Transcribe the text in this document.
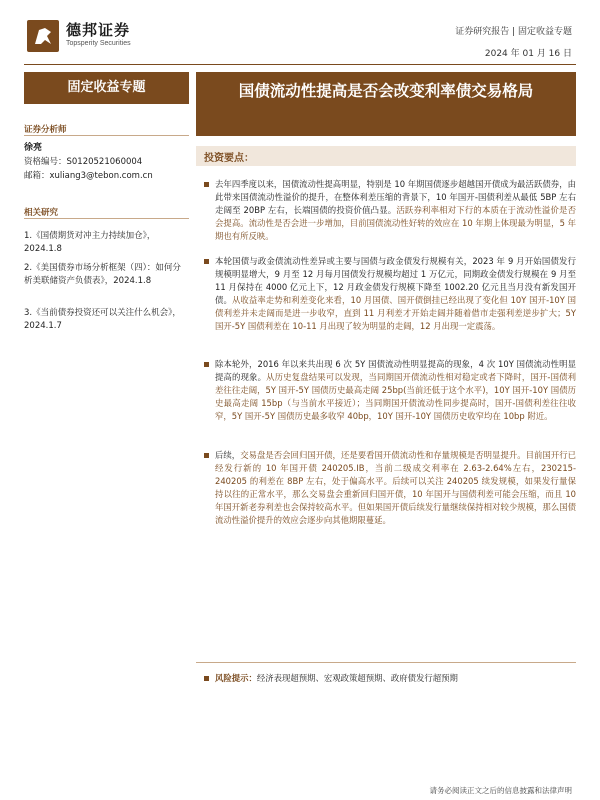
德邦证券
Topsperity Securities
证券研究报告 | 固定收益专题
2024 年 01 月 16 日
固定收益专题	国债流动性提高是否会改变利率债交易格局
证券分析师
徐亮
资格编号：S0120521060004
邮箱：xuliang3@tebon.com.cn
相关研究
1.《国债期货对冲主力持续加仓》，2024.1.8
2.《美国债券市场分析框架（四）：如何分析美联储资产负债表》，2024.1.8
3.《当前债券投资还可以关注什么机会》，2024.1.7
投资要点：
去年四季度以来，国债流动性提高明显，特别是 10 年期国债逐步超越国开债成为最活跃债券，由此带来国债流动性溢价的提升，在整体利差压缩的背景下，10 年国开-国债利差从最低 5BP 左右走阔至 20BP 左右，长端国债的投资价值凸显。活跃券利率相对下行的本质在于流动性溢价是否会提高。流动性是否会进一步增加，目前国债流动性好转的效应在 10 年期上体现最为明显，5 年期也有所反映。
本轮国债与政金债流动性差异或主要与国债与政金债发行规模有关，2023 年 9 月开始国债发行规模明显增大，9 月至 12 月每月国债发行规模均超过 1 万亿元，同期政金债发行规模在 9 月至 11 月保持在 4000 亿元上下，12 月政金债发行规模下降至 1002.20 亿元且当月没有新发国开债。从收益率走势和利差变化来看，10 月国债、国开债倒挂已经出现了变化但 10Y 国开-10Y 国债利差并未走阔而是进一步收窄，直到 11 月利差才开始走阔并随着借市走强利差逆步扩大；5Y 国开-5Y 国债利差在 10-11 月出现了较为明显的走阔，12 月出现一定震荡。
除本轮外，2016 年以来共出现 6 次 5Y 国债流动性明显提高的现象，4 次 10Y 国债流动性明显提高的现象。从历史复盘结果可以发现，当同期国开债流动性相对稳定或者下降时，国开-国债利差往往走阔，5Y 国开-5Y 国债历史最高走阔 25bp(当前还低于这个水平)，10Y 国开-10Y 国债历史最高走阔 15bp（与当前水平接近）；当同期国开债流动性同步提高时，国开-国债利差往往收窄，5Y 国开-5Y 国债历史最多收窄 40bp，10Y 国开-10Y 国债历史收窄均在 10bp 附近。
后续，交易盘是否会回归国开债，还是要看国开债流动性和存量规模是否明显提升。目前国开行已经发行新的 10 年国开债 240205.IB，当前二级成交利率在 2.63-2.64%左右，230215-240205 的利差在 8BP 左右，处于偏高水平。后续可以关注 240205 续发规模，如果发行量保持以往的正常水平，那么交易盘会重新回归国开债，10 年国开与国债利差可能会压缩，而且 10 年国开新老券利差也会保持较高水平。但如果国开债后续发行量继续保持相对较少规模，那么国债流动性溢价提升的效应会逐步向其他期限蔓延。
风险提示：经济表现超预期、宏观政策超预期、政府债发行超预期
请务必阅读正文之后的信息披露和法律声明
